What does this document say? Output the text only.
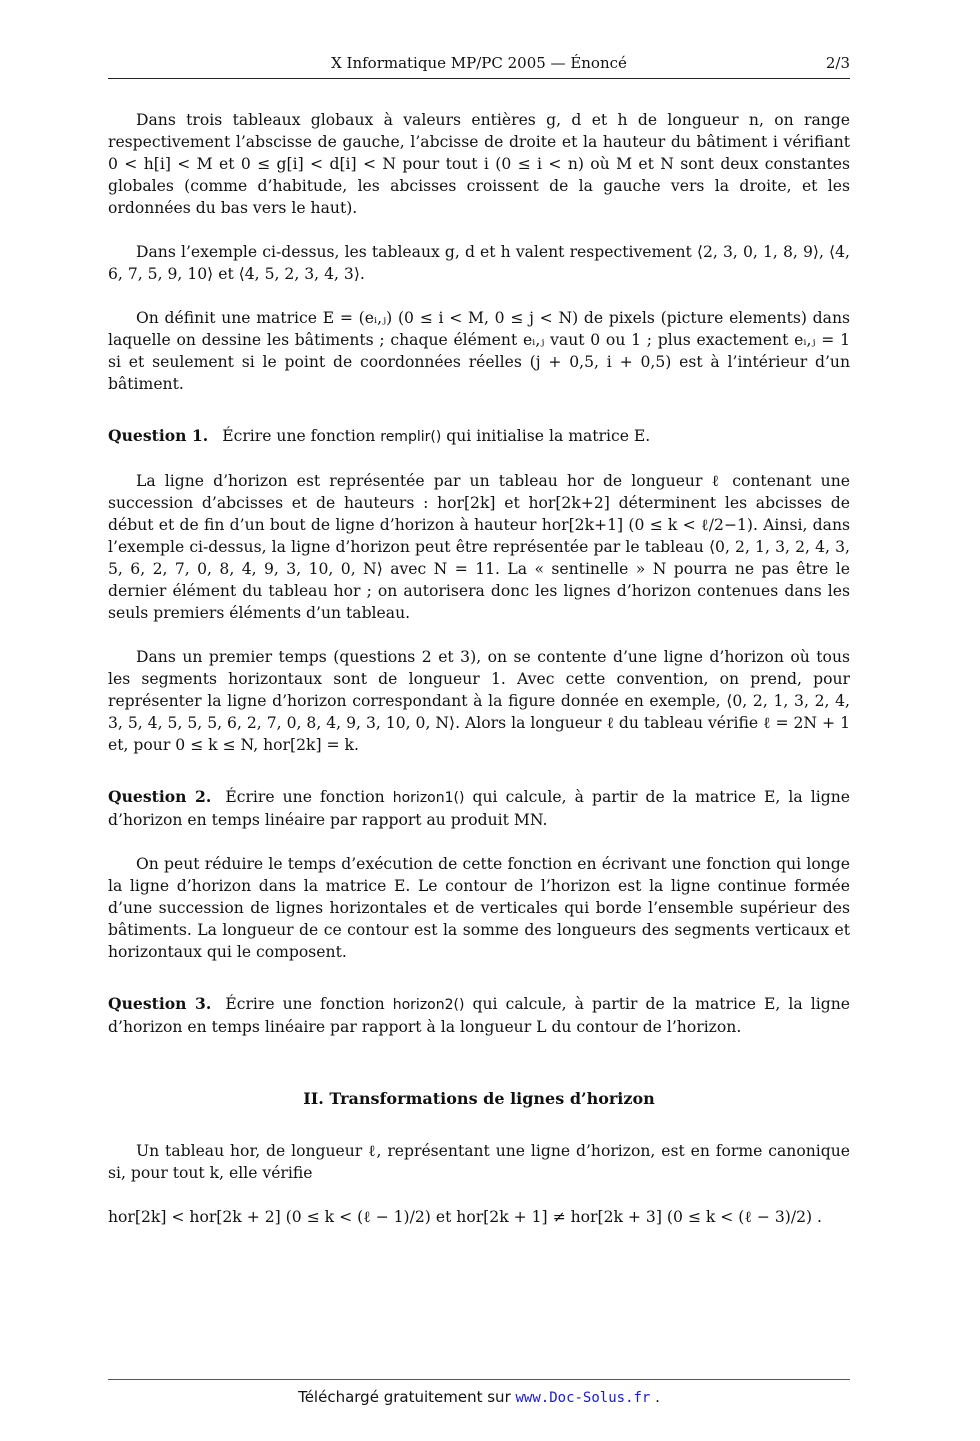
X Informatique MP/PC 2005 — Énoncé	2/3

Dans trois tableaux globaux à valeurs entières g, d et h de longueur n, on range respectivement l’abscisse de gauche, l’abcisse de droite et la hauteur du bâtiment i vérifiant 0 < h[i] < M et 0 ≤ g[i] < d[i] < N pour tout i (0 ≤ i < n) où M et N sont deux constantes globales (comme d’habitude, les abcisses croissent de la gauche vers la droite, et les ordonnées du bas vers le haut).

Dans l’exemple ci-dessus, les tableaux g, d et h valent respectivement ⟨2, 3, 0, 1, 8, 9⟩, ⟨4, 6, 7, 5, 9, 10⟩ et ⟨4, 5, 2, 3, 4, 3⟩.

On définit une matrice E = (eᵢ,ⱼ) (0 ≤ i < M, 0 ≤ j < N) de pixels (picture elements) dans laquelle on dessine les bâtiments ; chaque élément eᵢ,ⱼ vaut 0 ou 1 ; plus exactement eᵢ,ⱼ = 1 si et seulement si le point de coordonnées réelles (j + 0,5, i + 0,5) est à l’intérieur d’un bâtiment.

Question 1. Écrire une fonction remplir() qui initialise la matrice E.

La ligne d’horizon est représentée par un tableau hor de longueur ℓ contenant une succession d’abcisses et de hauteurs : hor[2k] et hor[2k+2] déterminent les abcisses de début et de fin d’un bout de ligne d’horizon à hauteur hor[2k+1] (0 ≤ k < ℓ/2−1). Ainsi, dans l’exemple ci-dessus, la ligne d’horizon peut être représentée par le tableau ⟨0, 2, 1, 3, 2, 4, 3, 5, 6, 2, 7, 0, 8, 4, 9, 3, 10, 0, N⟩ avec N = 11. La « sentinelle » N pourra ne pas être le dernier élément du tableau hor ; on autorisera donc les lignes d’horizon contenues dans les seuls premiers éléments d’un tableau.

Dans un premier temps (questions 2 et 3), on se contente d’une ligne d’horizon où tous les segments horizontaux sont de longueur 1. Avec cette convention, on prend, pour représenter la ligne d’horizon correspondant à la figure donnée en exemple, ⟨0, 2, 1, 3, 2, 4, 3, 5, 4, 5, 5, 5, 6, 2, 7, 0, 8, 4, 9, 3, 10, 0, N⟩. Alors la longueur ℓ du tableau vérifie ℓ = 2N + 1 et, pour 0 ≤ k ≤ N, hor[2k] = k.

Question 2. Écrire une fonction horizon1() qui calcule, à partir de la matrice E, la ligne d’horizon en temps linéaire par rapport au produit MN.

On peut réduire le temps d’exécution de cette fonction en écrivant une fonction qui longe la ligne d’horizon dans la matrice E. Le contour de l’horizon est la ligne continue formée d’une succession de lignes horizontales et de verticales qui borde l’ensemble supérieur des bâtiments. La longueur de ce contour est la somme des longueurs des segments verticaux et horizontaux qui le composent.

Question 3. Écrire une fonction horizon2() qui calcule, à partir de la matrice E, la ligne d’horizon en temps linéaire par rapport à la longueur L du contour de l’horizon.

II. Transformations de lignes d’horizon

Un tableau hor, de longueur ℓ, représentant une ligne d’horizon, est en forme canonique si, pour tout k, elle vérifie

hor[2k] < hor[2k + 2] (0 ≤ k < (ℓ − 1)/2) et hor[2k + 1] ≠ hor[2k + 3] (0 ≤ k < (ℓ − 3)/2) .

Téléchargé gratuitement sur www.Doc-Solus.fr .
